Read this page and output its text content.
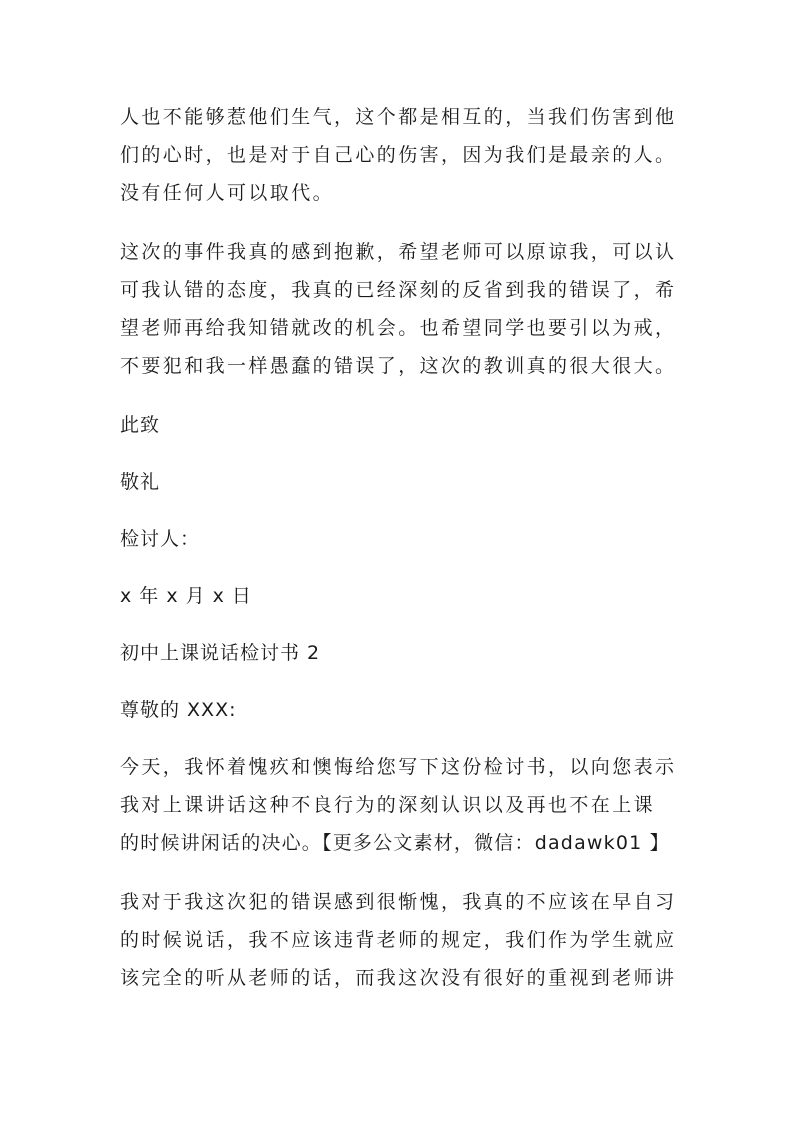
人也不能够惹他们生气，这个都是相互的，当我们伤害到他
们的心时，也是对于自己心的伤害，因为我们是最亲的人。
没有任何人可以取代。

这次的事件我真的感到抱歉，希望老师可以原谅我，可以认
可我认错的态度，我真的已经深刻的反省到我的错误了，希
望老师再给我知错就改的机会。也希望同学也要引以为戒，
不要犯和我一样愚蠢的错误了，这次的教训真的很大很大。

此致

敬礼

检讨人：

x 年 x 月 x 日

初中上课说话检讨书 2

尊敬的 XXX:

今天，我怀着愧疚和懊悔给您写下这份检讨书，以向您表示
我对上课讲话这种不良行为的深刻认识以及再也不在上课
的时候讲闲话的决心。【更多公文素材，微信：dadawk01 】

我对于我这次犯的错误感到很惭愧，我真的不应该在早自习
的时候说话，我不应该违背老师的规定，我们作为学生就应
该完全的听从老师的话，而我这次没有很好的重视到老师讲
